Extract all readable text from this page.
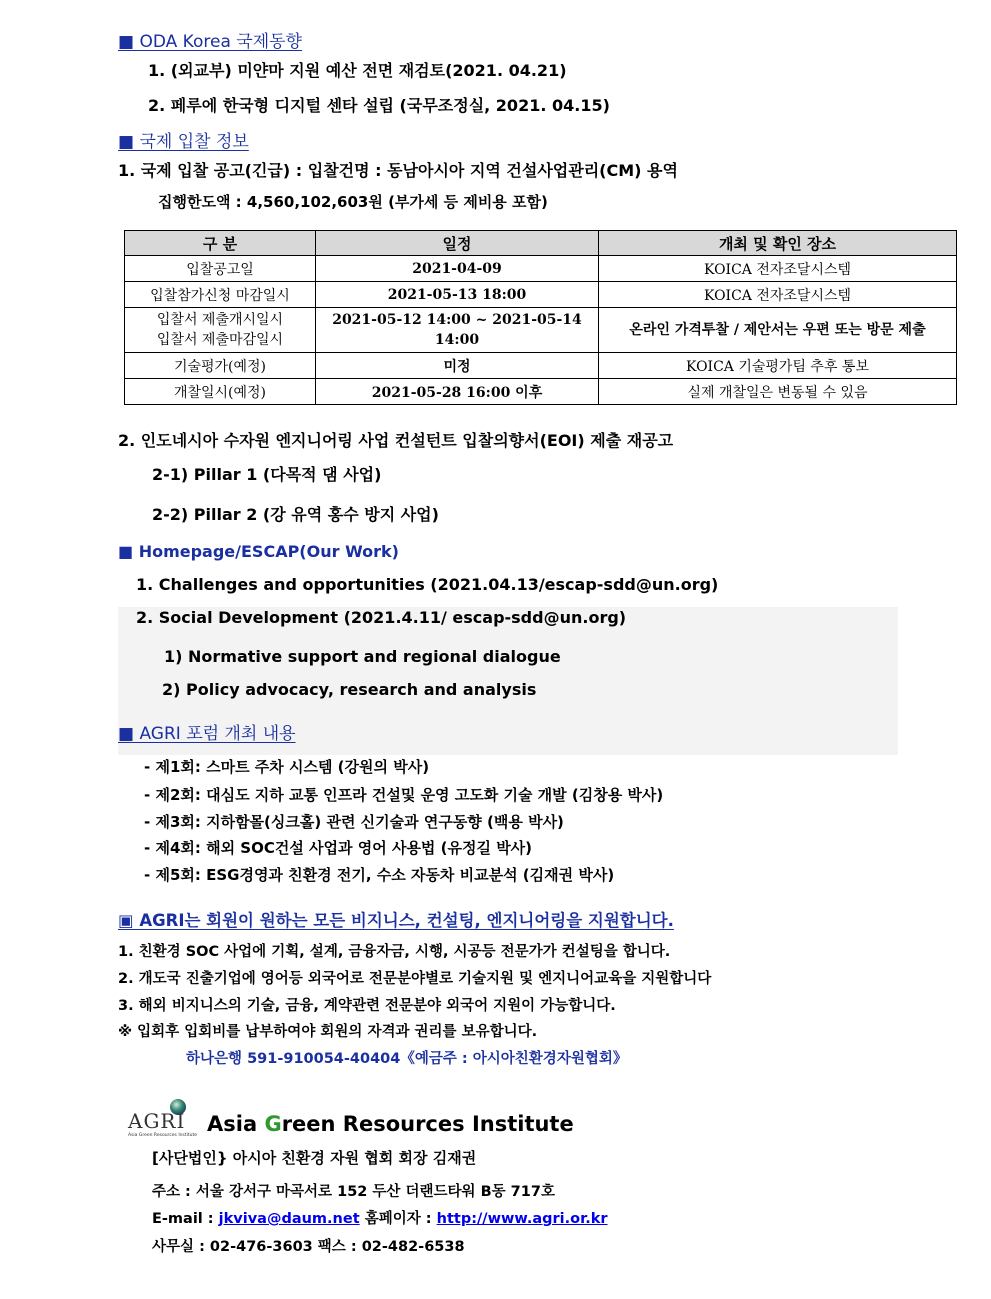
■ ODA Korea 국제동향
1. (외교부) 미얀마 지원 예산 전면 재검토(2021. 04.21)
2. 페루에 한국형 디지털 센타 설립 (국무조정실, 2021. 04.15)
■ 국제 입찰 정보
1. 국제 입찰 공고(긴급) : 입찰건명 : 동남아시아 지역 건설사업관리(CM) 용역
집행한도액 : 4,560,102,603원 (부가세 등 제비용 포함)
구 분	일정	개최 및 확인 장소
입찰공고일	2021-04-09	KOICA 전자조달시스템
입찰참가신청 마감일시	2021-05-13 18:00	KOICA 전자조달시스템
입찰서 제출개시일시
입찰서 제출마감일시	2021-05-12 14:00 ~ 2021-05-14 14:00	온라인 가격투찰 / 제안서는 우편 또는 방문 제출
기술평가(예정)	미정	KOICA 기술평가팀 추후 통보
개찰일시(예정)	2021-05-28 16:00 이후	실제 개찰일은 변동될 수 있음
2. 인도네시아 수자원 엔지니어링 사업 컨설턴트 입찰의향서(EOI) 제출 재공고
2-1) Pillar 1 (다목적 댐 사업)
2-2) Pillar 2 (강 유역 홍수 방지 사업)
■ Homepage/ESCAP(Our Work)
1. Challenges and opportunities (2021.04.13/escap-sdd@un.org)
2. Social Development (2021.4.11/ escap-sdd@un.org)
1) Normative support and regional dialogue
2) Policy advocacy, research and analysis
■ AGRI 포럼 개최 내용
- 제1회: 스마트 주차 시스템 (강원의 박사)
- 제2회: 대심도 지하 교통 인프라 건설및 운영 고도화 기술 개발 (김창용 박사)
- 제3회: 지하함몰(싱크홀) 관련 신기술과 연구동향 (백용 박사)
- 제4회: 해외 SOC건설 사업과 영어 사용법 (유정길 박사)
- 제5회: ESG경영과 친환경 전기, 수소 자동차 비교분석 (김재권 박사)
▣ AGRI는 회원이 원하는 모든 비지니스, 컨설팅, 엔지니어링을 지원합니다.
1. 친환경 SOC 사업에 기획, 설계, 금융자금, 시행, 시공등 전문가가 컨설팅을 합니다.
2. 개도국 진출기업에 영어등 외국어로 전문분야별로 기술지원 및 엔지니어교육을 지원합니다
3. 해외 비지니스의 기술, 금융, 계약관련 전문분야 외국어 지원이 가능합니다.
※ 입회후 입회비를 납부하여야 회원의 자격과 권리를 보유합니다.
하나은행 591-910054-40404《예금주 : 아시아친환경자원협회》
AGRI
Asia Green Resources Institute Asia Green Resources Institute
[사단법인} 아시아 친환경 자원 협회 회장 김재권
주소 : 서울 강서구 마곡서로 152 두산 더랜드타워 B동 717호
E-mail : jkviva@daum.net 홈페이자 : http://www.agri.or.kr
사무실 : 02-476-3603 팩스 : 02-482-6538
